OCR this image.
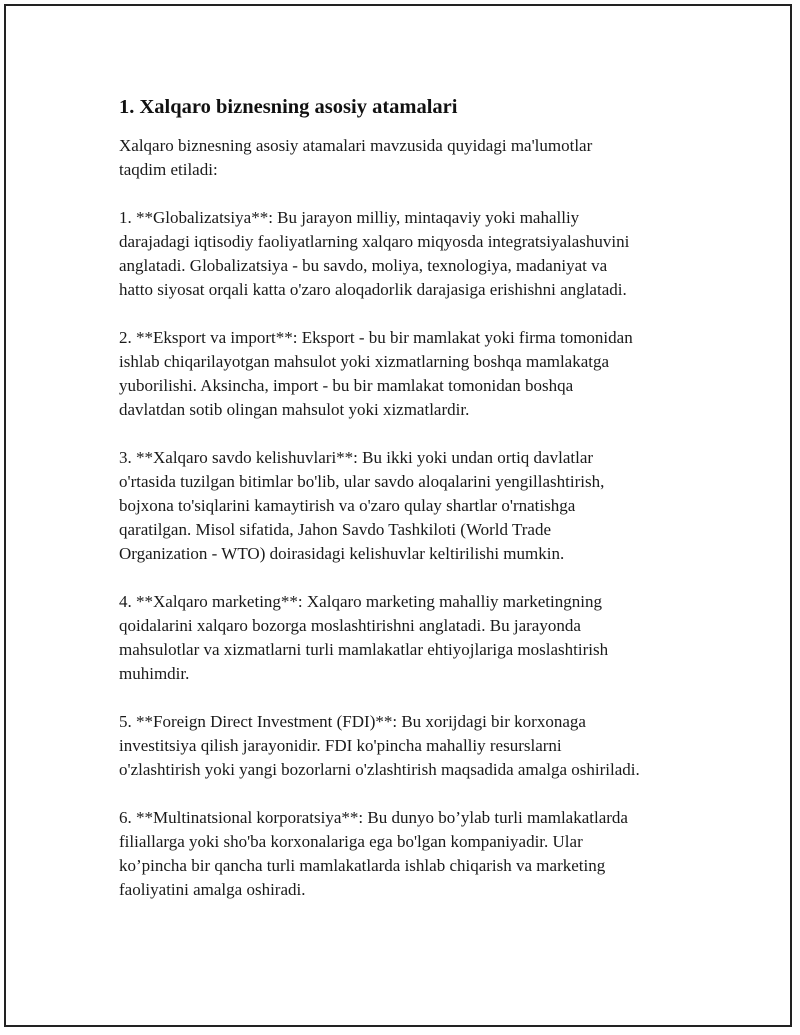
1. Xalqaro biznesning asosiy atamalari

Xalqaro biznesning asosiy atamalari mavzusida quyidagi ma'lumotlar
taqdim etiladi:

1. **Globalizatsiya**: Bu jarayon milliy, mintaqaviy yoki mahalliy
darajadagi iqtisodiy faoliyatlarning xalqaro miqyosda integratsiyalashuvini
anglatadi. Globalizatsiya - bu savdo, moliya, texnologiya, madaniyat va
hatto siyosat orqali katta o'zaro aloqadorlik darajasiga erishishni anglatadi.

2. **Eksport va import**: Eksport - bu bir mamlakat yoki firma tomonidan
ishlab chiqarilayotgan mahsulot yoki xizmatlarning boshqa mamlakatga
yuborilishi. Aksincha, import - bu bir mamlakat tomonidan boshqa
davlatdan sotib olingan mahsulot yoki xizmatlardir.

3. **Xalqaro savdo kelishuvlari**: Bu ikki yoki undan ortiq davlatlar
o'rtasida tuzilgan bitimlar bo'lib, ular savdo aloqalarini yengillashtirish,
bojxona to'siqlarini kamaytirish va o'zaro qulay shartlar o'rnatishga
qaratilgan. Misol sifatida, Jahon Savdo Tashkiloti (World Trade
Organization - WTO) doirasidagi kelishuvlar keltirilishi mumkin.

4. **Xalqaro marketing**: Xalqaro marketing mahalliy marketingning
qoidalarini xalqaro bozorga moslashtirishni anglatadi. Bu jarayonda
mahsulotlar va xizmatlarni turli mamlakatlar ehtiyojlariga moslashtirish
muhimdir.

5. **Foreign Direct Investment (FDI)**: Bu xorijdagi bir korxonaga
investitsiya qilish jarayonidir. FDI ko'pincha mahalliy resurslarni
o'zlashtirish yoki yangi bozorlarni o'zlashtirish maqsadida amalga oshiriladi.

6. **Multinatsional korporatsiya**: Bu dunyo bo’ylab turli mamlakatlarda
filiallarga yoki sho'ba korxonalariga ega bo'lgan kompaniyadir. Ular
ko’pincha bir qancha turli mamlakatlarda ishlab chiqarish va marketing
faoliyatini amalga oshiradi.
